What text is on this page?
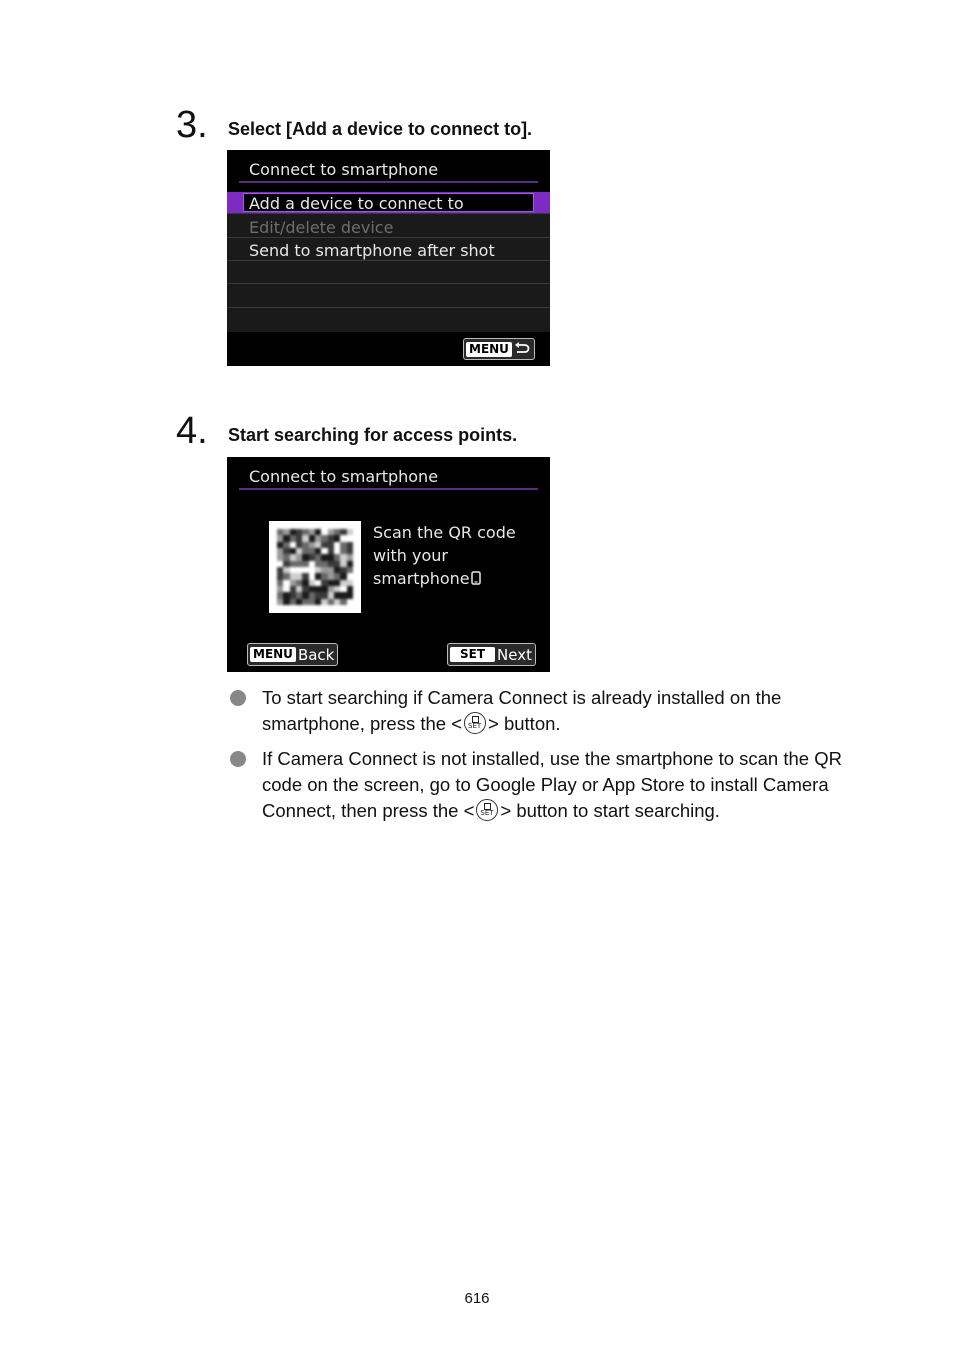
3. Select [Add a device to connect to].
Connect to smartphone
Add a device to connect to
Edit/delete device
Send to smartphone after shot
MENU
4. Start searching for access points.
Connect to smartphone
Scan the QR code with your smartphone
MENU Back	SET Next
To start searching if Camera Connect is already installed on the smartphone, press the < SET > button.
If Camera Connect is not installed, use the smartphone to scan the QR code on the screen, go to Google Play or App Store to install Camera Connect, then press the < SET > button to start searching.
616
